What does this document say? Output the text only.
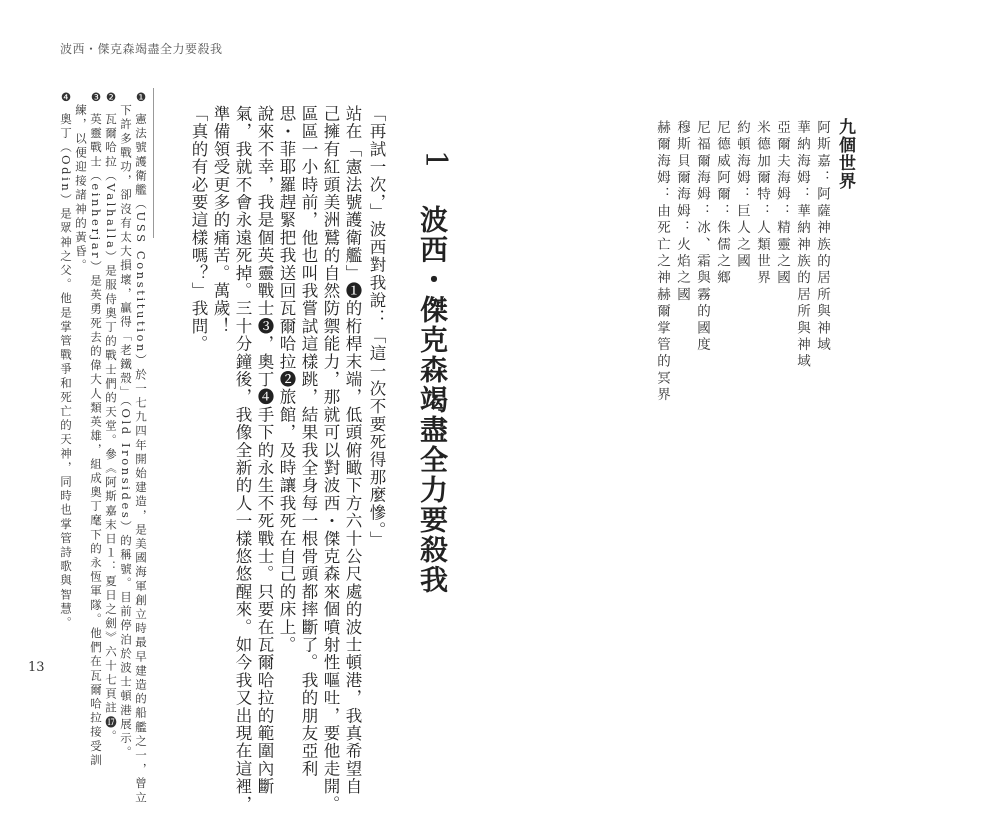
波西・傑克森竭盡全力要殺我
九個世界
阿斯嘉：阿薩神族的居所與神域
華納海姆：華納神族的居所與神域
亞爾夫海姆：精靈之國
米德加爾特：人類世界
約頓海姆：巨人之國
尼德威阿爾：侏儒之鄉
尼福爾海姆：冰、霜與霧的國度
穆斯貝爾海姆：火焰之國
赫爾海姆：由死亡之神赫爾掌管的冥界
1
波西・傑克森竭盡全力要殺我
「再試一次，」波西對我說：「這一次不要死得那麼慘。」
站在「憲法號護衛艦」❶的桁桿末端，低頭俯瞰下方六十公尺處的波士頓港，我真希望自
己擁有紅頭美洲鷲的自然防禦能力，那就可以對波西・傑克森來個噴射性嘔吐，要他走開。
區區一小時前，他也叫我嘗試這樣跳，結果我全身每一根骨頭都摔斷了。我的朋友亞利
思・菲耶羅趕緊把我送回瓦爾哈拉❷旅館，及時讓我死在自己的床上。
說來不幸，我是個英靈戰士❸，奧丁❹手下的永生不死戰士。只要在瓦爾哈拉的範圍內斷
氣，我就不會永遠死掉。三十分鐘後，我像全新的人一樣悠悠醒來。如今我又出現在這裡，
準備領受更多的痛苦。萬歲！
「真的有必要這樣嗎？」我問。
❶ 憲法號護衛艦（USS Constitution）於一七九四年開始建造，是美國海軍創立時最早建造的船艦之一，曾立
下許多戰功，卻沒有太大損壞，贏得「老鐵殼」（Old Ironsides）的稱號。目前停泊於波士頓港展示。
❷ 瓦爾哈拉（Valhalla）是服侍奧丁的戰士們的天堂。參《阿斯嘉末日１：夏日之劍》六十七頁註⓱。
❸ 英靈戰士（einherjar）是英勇死去的偉大人類英雄，組成奧丁麾下的永恆軍隊。他們在瓦爾哈拉接受訓
練，以便迎接諸神的黃昏。
❹ 奧丁（Odin）是眾神之父。他是掌管戰爭和死亡的天神，同時也掌管詩歌與智慧。
13
